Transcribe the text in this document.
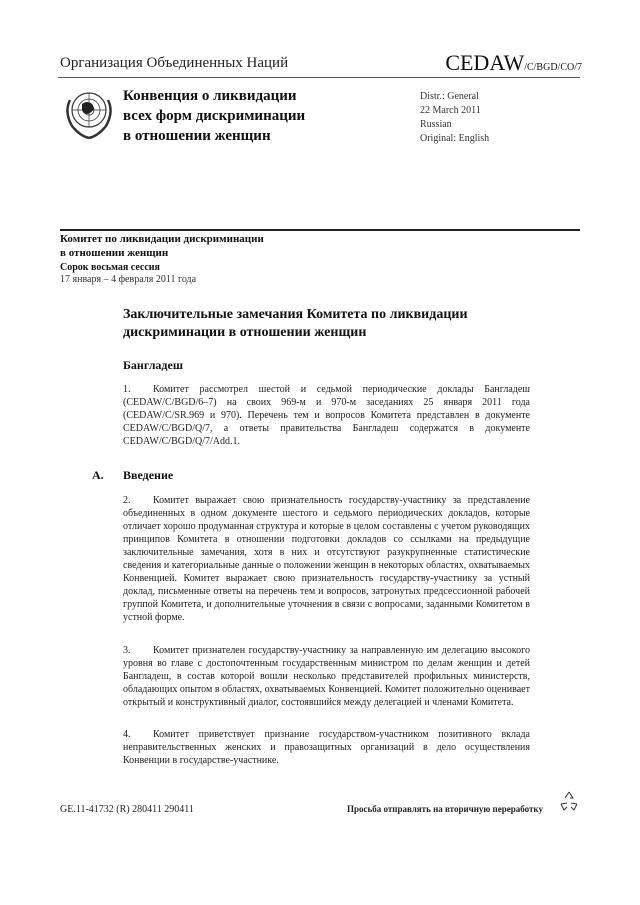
Организация Объединенных Наций	CEDAW/C/BGD/CO/7
Конвенция о ликвидации
всех форм дискриминации
в отношении женщин
Distr.: General
22 March 2011
Russian
Original: English
Комитет по ликвидации дискриминации
в отношении женщин
Сорок восьмая сессия
17 января – 4 февраля 2011 года
Заключительные замечания Комитета по ликвидации
дискриминации в отношении женщин
Бангладеш
1. Комитет рассмотрел шестой и седьмой периодические доклады Бангладеш (CEDAW/C/BGD/6–7) на своих 969-м и 970-м заседаниях 25 января 2011 года (CEDAW/C/SR.969 и 970). Перечень тем и вопросов Комитета представлен в документе CEDAW/C/BGD/Q/7, а ответы правительства Бангладеш содержатся в документе CEDAW/C/BGD/Q/7/Add.1.
A. Введение
2. Комитет выражает свою признательность государству-участнику за представление объединенных в одном документе шестого и седьмого периодических докладов, которые отличает хорошо продуманная структура и которые в целом составлены с учетом руководящих принципов Комитета в отношении подготовки докладов со ссылками на предыдущие заключительные замечания, хотя в них и отсутствуют разукрупненные статистические сведения и категориальные данные о положении женщин в некоторых областях, охватываемых Конвенцией. Комитет выражает свою признательность государству-участнику за устный доклад, письменные ответы на перечень тем и вопросов, затронутых предсессионной рабочей группой Комитета, и дополнительные уточнения в связи с вопросами, заданными Комитетом в устной форме.
3. Комитет признателен государству-участнику за направленную им делегацию высокого уровня во главе с достопочтенным государственным министром по делам женщин и детей Бангладеш, в состав которой вошли несколько представителей профильных министерств, обладающих опытом в областях, охватываемых Конвенцией. Комитет положительно оценивает открытый и конструктивный диалог, состоявшийся между делегацией и членами Комитета.
4. Комитет приветствует признание государством-участником позитивного вклада неправительственных женских и правозащитных организаций в дело осуществления Конвенции в государстве-участнике.
GE.11-41732 (R) 280411 290411	Просьба отправлять на вторичную переработку
